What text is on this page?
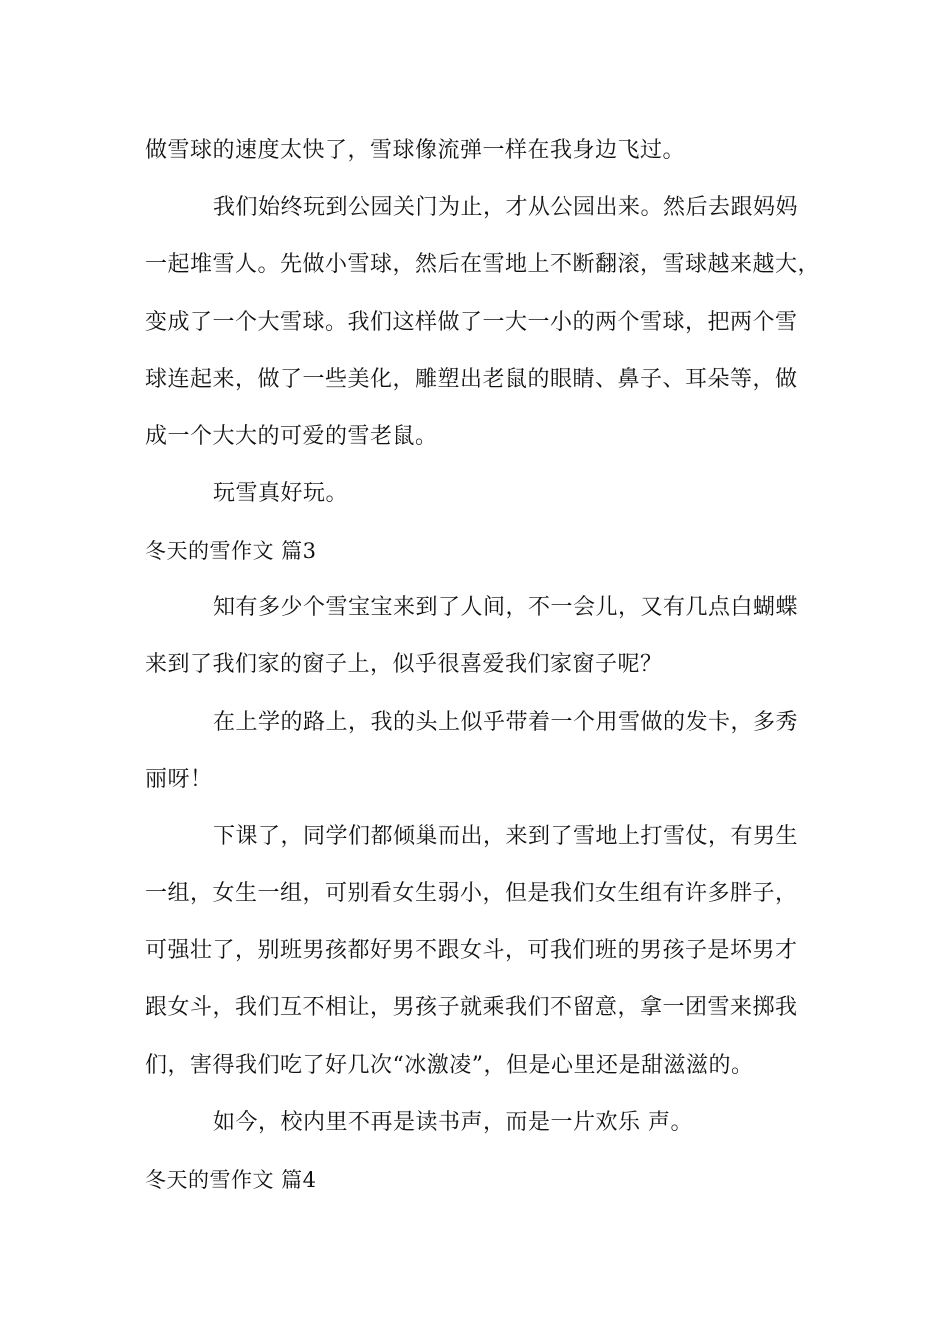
做雪球的速度太快了，雪球像流弹一样在我身边飞过。
我们始终玩到公园关门为止，才从公园出来。然后去跟妈妈
一起堆雪人。先做小雪球，然后在雪地上不断翻滚，雪球越来越大，
变成了一个大雪球。我们这样做了一大一小的两个雪球，把两个雪
球连起来，做了一些美化，雕塑出老鼠的眼睛、鼻子、耳朵等，做
成一个大大的可爱的雪老鼠。
玩雪真好玩。
冬天的雪作文 篇3
知有多少个雪宝宝来到了人间，不一会儿，又有几点白蝴蝶
来到了我们家的窗子上，似乎很喜爱我们家窗子呢？
在上学的路上，我的头上似乎带着一个用雪做的发卡，多秀
丽呀！
下课了，同学们都倾巢而出，来到了雪地上打雪仗，有男生
一组，女生一组，可别看女生弱小，但是我们女生组有许多胖子，
可强壮了，别班男孩都好男不跟女斗，可我们班的男孩子是坏男才
跟女斗，我们互不相让，男孩子就乘我们不留意，拿一团雪来掷我
们，害得我们吃了好几次“冰激凌”，但是心里还是甜滋滋的。
如今，校内里不再是读书声，而是一片欢乐 声。
冬天的雪作文 篇4
